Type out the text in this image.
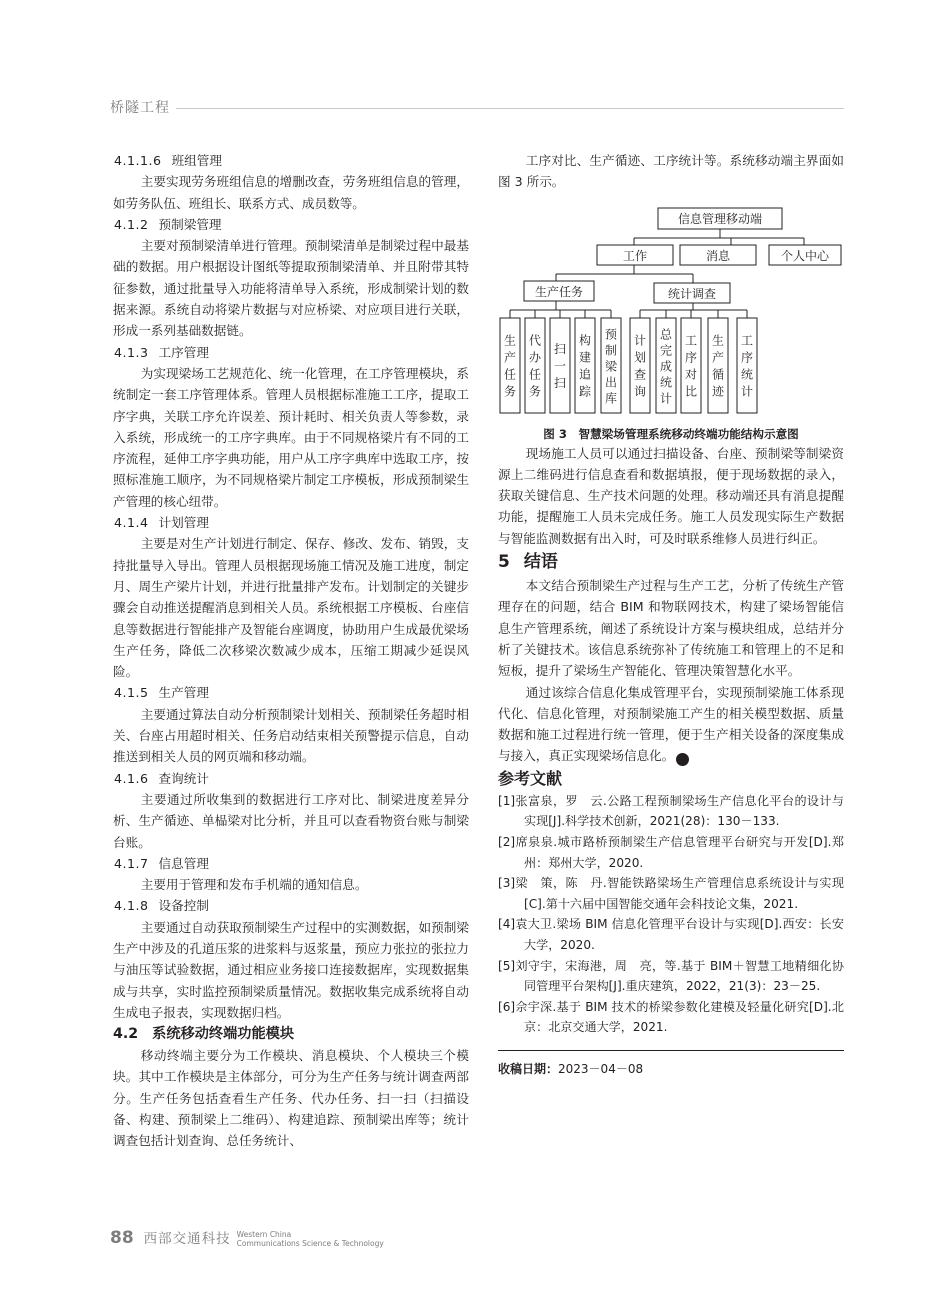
桥隧工程

4.1.1.6 班组管理

主要实现劳务班组信息的增删改查，劳务班组信息的管理，如劳务队伍、班组长、联系方式、成员数等。

4.1.2 预制梁管理

主要对预制梁清单进行管理。预制梁清单是制梁过程中最基础的数据。用户根据设计图纸等提取预制梁清单、并且附带其特征参数，通过批量导入功能将清单导入系统，形成制梁计划的数据来源。系统自动将梁片数据与对应桥梁、对应项目进行关联，形成一系列基础数据链。

4.1.3 工序管理

为实现梁场工艺规范化、统一化管理，在工序管理模块，系统制定一套工序管理体系。管理人员根据标准施工工序，提取工序字典，关联工序允许误差、预计耗时、相关负责人等参数，录入系统，形成统一的工序字典库。由于不同规格梁片有不同的工序流程，延伸工序字典功能，用户从工序字典库中选取工序，按照标准施工顺序，为不同规格梁片制定工序模板，形成预制梁生产管理的核心纽带。

4.1.4 计划管理

主要是对生产计划进行制定、保存、修改、发布、销毁，支持批量导入导出。管理人员根据现场施工情况及施工进度，制定月、周生产梁片计划，并进行批量排产发布。计划制定的关键步骤会自动推送提醒消息到相关人员。系统根据工序模板、台座信息等数据进行智能排产及智能台座调度，协助用户生成最优梁场生产任务，降低二次移梁次数减少成本，压缩工期减少延误风险。

4.1.5 生产管理

主要通过算法自动分析预制梁计划相关、预制梁任务超时相关、台座占用超时相关、任务启动结束相关预警提示信息，自动推送到相关人员的网页端和移动端。

4.1.6 查询统计

主要通过所收集到的数据进行工序对比、制梁进度差异分析、生产循迹、单榀梁对比分析，并且可以查看物资台账与制梁台账。

4.1.7 信息管理

主要用于管理和发布手机端的通知信息。

4.1.8 设备控制

主要通过自动获取预制梁生产过程中的实测数据，如预制梁生产中涉及的孔道压浆的进浆料与返浆量，预应力张拉的张拉力与油压等试验数据，通过相应业务接口连接数据库，实现数据集成与共享，实时监控预制梁质量情况。数据收集完成系统将自动生成电子报表，实现数据归档。

4.2 系统移动终端功能模块

移动终端主要分为工作模块、消息模块、个人模块三个模块。其中工作模块是主体部分，可分为生产任务与统计调查两部分。生产任务包括查看生产任务、代办任务、扫一扫（扫描设备、构建、预制梁上二维码）、构建追踪、预制梁出库等；统计调查包括计划查询、总任务统计、

工序对比、生产循迹、工序统计等。系统移动端主界面如图 3 所示。

信息管理移动端
工作	消息	个人中心
生产任务	统计调查
生
产
任
务
代
办
任
务
扫
一
扫
构
建
追
踪
预
制
梁
出
库
计
划
查
询
总
完
成
统
计
工
序
对
比
生
产
循
迹
工
序
统
计

图 3　智慧梁场管理系统移动终端功能结构示意图

现场施工人员可以通过扫描设备、台座、预制梁等制梁资源上二维码进行信息查看和数据填报，便于现场数据的录入，获取关键信息、生产技术问题的处理。移动端还具有消息提醒功能，提醒施工人员未完成任务。施工人员发现实际生产数据与智能监测数据有出入时，可及时联系维修人员进行纠正。

5 结语

本文结合预制梁生产过程与生产工艺，分析了传统生产管理存在的问题，结合 BIM 和物联网技术，构建了梁场智能信息生产管理系统，阐述了系统设计方案与模块组成，总结并分析了关键技术。该信息系统弥补了传统施工和管理上的不足和短板，提升了梁场生产智能化、管理决策智慧化水平。

通过该综合信息化集成管理平台，实现预制梁施工体系现代化、信息化管理，对预制梁施工产生的相关模型数据、质量数据和施工过程进行统一管理，便于生产相关设备的深度集成与接入，真正实现梁场信息化。	W

参考文献

[1]张富泉，罗　云.公路工程预制梁场生产信息化平台的设计与实现[J].科学技术创新，2021(28)：130－133.

[2]席泉泉.城市路桥预制梁生产信息管理平台研究与开发[D].郑州：郑州大学，2020.

[3]梁　策，陈　丹.智能铁路梁场生产管理信息系统设计与实现[C].第十六届中国智能交通年会科技论文集，2021.

[4]袁大卫.梁场 BIM 信息化管理平台设计与实现[D].西安：长安大学，2020.

[5]刘守宇，宋海港，周　亮，等.基于 BIM＋智慧工地精细化协同管理平台架构[J].重庆建筑，2022，21(3)：23－25.

[6]佘宇深.基于 BIM 技术的桥梁参数化建模及轻量化研究[D].北京：北京交通大学，2021.

收稿日期：2023－04－08
88 西部交通科技 Western China
Communications Science & Technology
